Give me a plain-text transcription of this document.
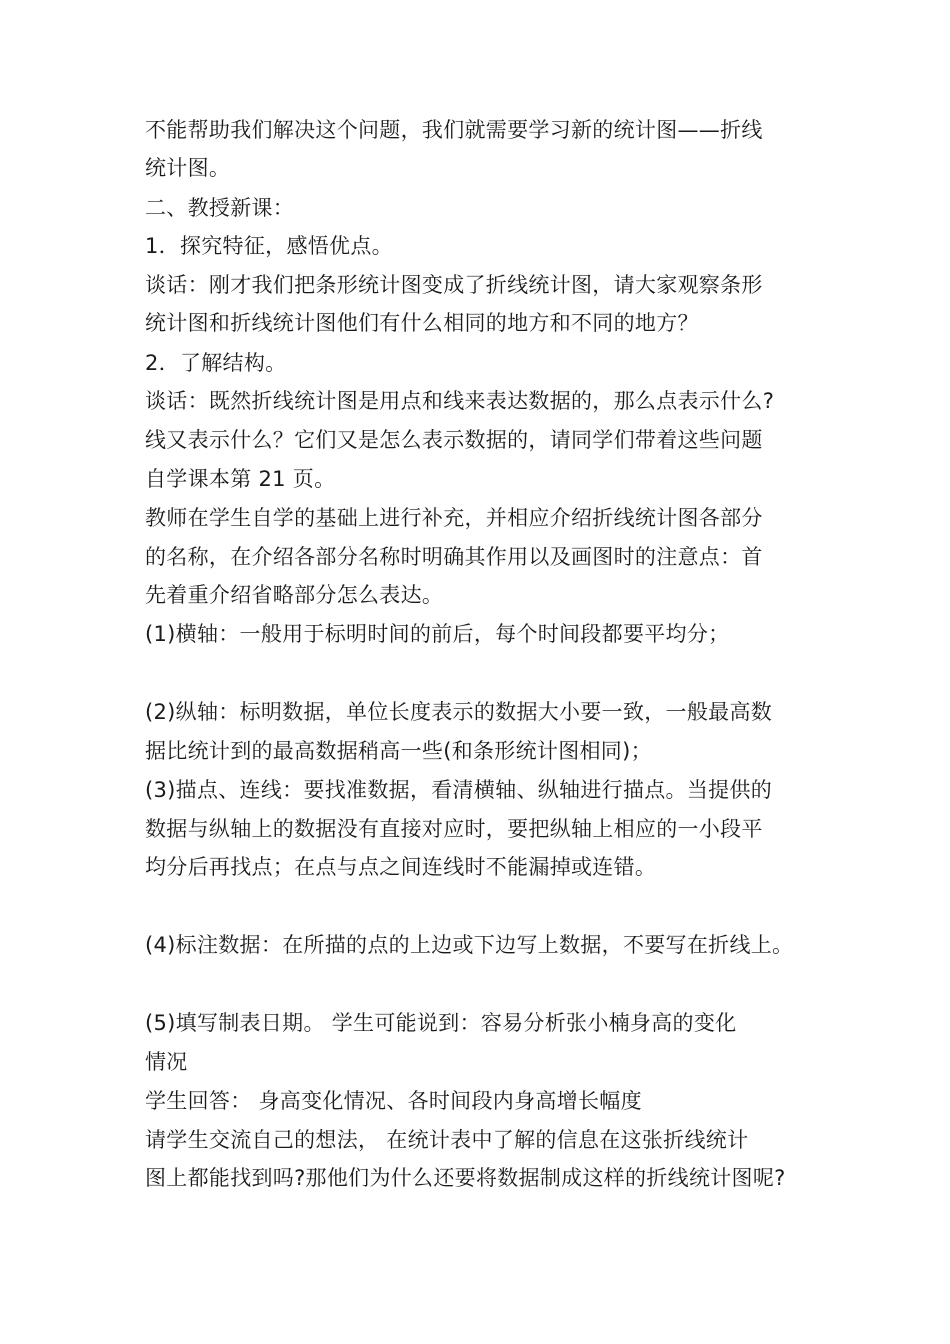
不能帮助我们解决这个问题，我们就需要学习新的统计图——折线
统计图。
二、教授新课：
1．探究特征，感悟优点。
谈话：刚才我们把条形统计图变成了折线统计图，请大家观察条形
统计图和折线统计图他们有什么相同的地方和不同的地方？
2．了解结构。
谈话：既然折线统计图是用点和线来表达数据的，那么点表示什么?
线又表示什么？它们又是怎么表示数据的，请同学们带着这些问题
自学课本第 21 页。
教师在学生自学的基础上进行补充，并相应介绍折线统计图各部分
的名称，在介绍各部分名称时明确其作用以及画图时的注意点：首
先着重介绍省略部分怎么表达。
(1)横轴：一般用于标明时间的前后，每个时间段都要平均分；
(2)纵轴：标明数据，单位长度表示的数据大小要一致，一般最高数
据比统计到的最高数据稍高一些(和条形统计图相同)；
(3)描点、连线：要找准数据，看清横轴、纵轴进行描点。当提供的
数据与纵轴上的数据没有直接对应时，要把纵轴上相应的一小段平
均分后再找点；在点与点之间连线时不能漏掉或连错。
(4)标注数据：在所描的点的上边或下边写上数据，不要写在折线上。
(5)填写制表日期。 学生可能说到：容易分析张小楠身高的变化
情况
学生回答： 身高变化情况、各时间段内身高增长幅度
请学生交流自己的想法， 在统计表中了解的信息在这张折线统计
图上都能找到吗?那他们为什么还要将数据制成这样的折线统计图呢?
